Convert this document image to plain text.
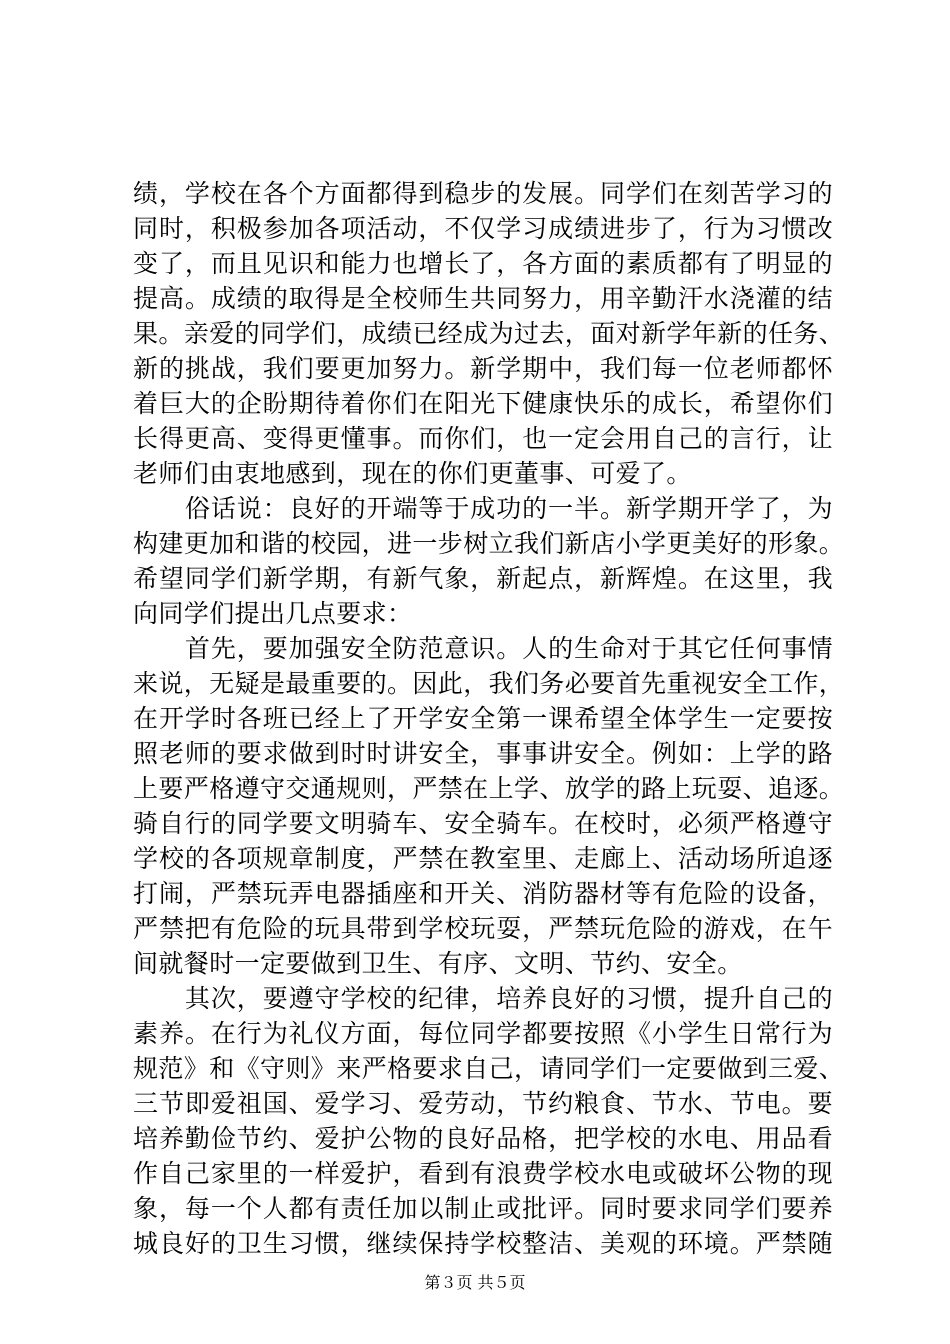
绩，学校在各个方面都得到稳步的发展。同学们在刻苦学习的
同时，积极参加各项活动，不仅学习成绩进步了，行为习惯改
变了，而且见识和能力也增长了，各方面的素质都有了明显的
提高。成绩的取得是全校师生共同努力，用辛勤汗水浇灌的结
果。亲爱的同学们，成绩已经成为过去，面对新学年新的任务、
新的挑战，我们要更加努力。新学期中，我们每一位老师都怀
着巨大的企盼期待着你们在阳光下健康快乐的成长，希望你们
长得更高、变得更懂事。而你们，也一定会用自己的言行，让
老师们由衷地感到，现在的你们更董事、可爱了。
　　俗话说：良好的开端等于成功的一半。新学期开学了，为
构建更加和谐的校园，进一步树立我们新店小学更美好的形象。
希望同学们新学期，有新气象，新起点，新辉煌。在这里，我
向同学们提出几点要求：
　　首先，要加强安全防范意识。人的生命对于其它任何事情
来说，无疑是最重要的。因此，我们务必要首先重视安全工作，
在开学时各班已经上了开学安全第一课希望全体学生一定要按
照老师的要求做到时时讲安全，事事讲安全。例如：上学的路
上要严格遵守交通规则，严禁在上学、放学的路上玩耍、追逐。
骑自行的同学要文明骑车、安全骑车。在校时，必须严格遵守
学校的各项规章制度，严禁在教室里、走廊上、活动场所追逐
打闹，严禁玩弄电器插座和开关、消防器材等有危险的设备，
严禁把有危险的玩具带到学校玩耍，严禁玩危险的游戏，在午
间就餐时一定要做到卫生、有序、文明、节约、安全。
　　其次，要遵守学校的纪律，培养良好的习惯，提升自己的
素养。在行为礼仪方面，每位同学都要按照《小学生日常行为
规范》和《守则》来严格要求自己，请同学们一定要做到三爱、
三节即爱祖国、爱学习、爱劳动，节约粮食、节水、节电。要
培养勤俭节约、爱护公物的良好品格，把学校的水电、用品看
作自己家里的一样爱护，看到有浪费学校水电或破坏公物的现
象，每一个人都有责任加以制止或批评。同时要求同学们要养
城良好的卫生习惯，继续保持学校整洁、美观的环境。严禁随
第３页 共５页
